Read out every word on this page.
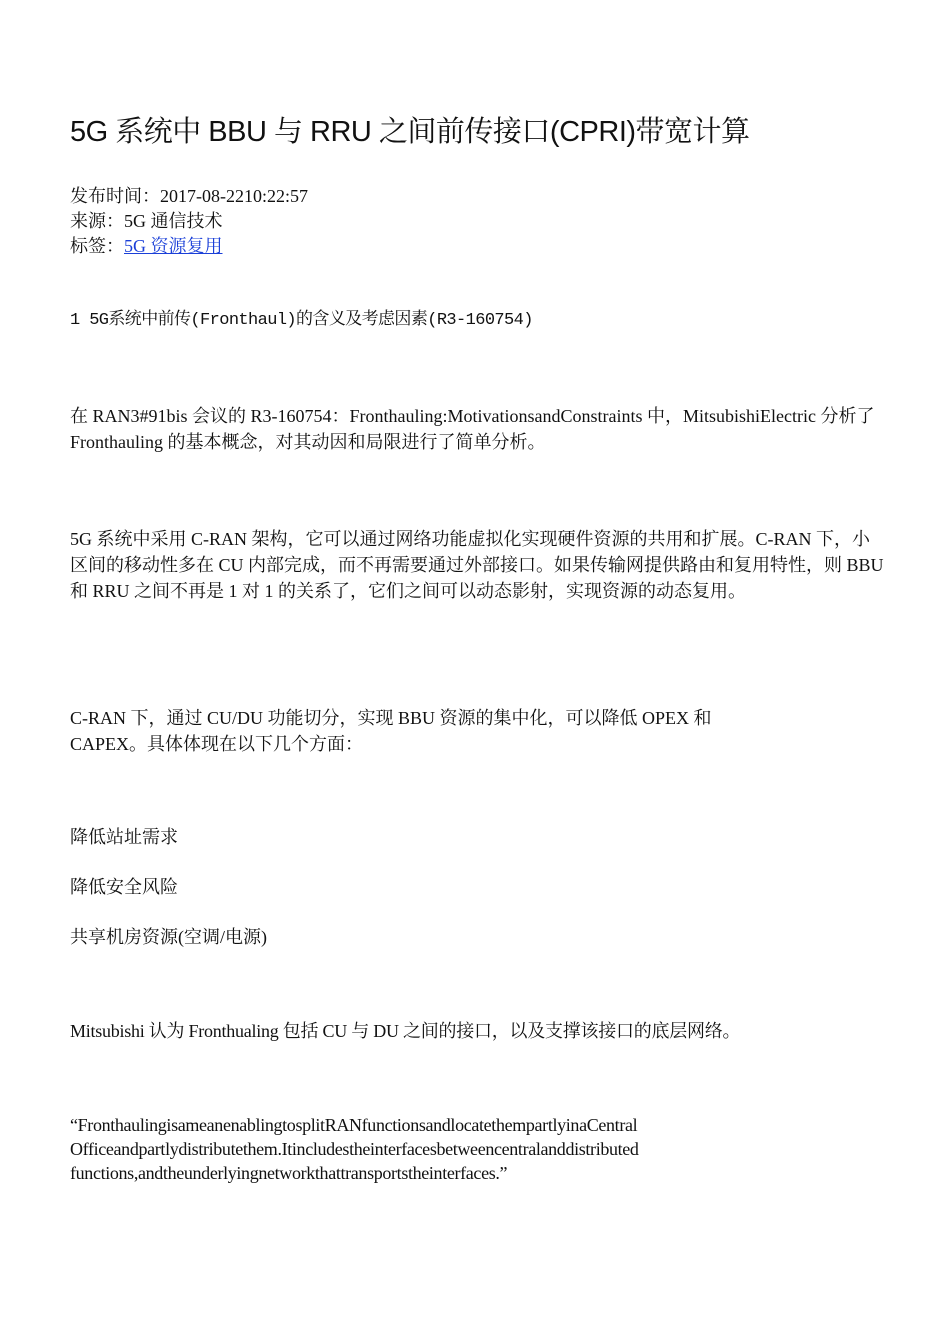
5G 系统中 BBU 与 RRU 之间前传接口(CPRI)带宽计算
发布时间：2017-08-2210:22:57
来源：5G 通信技术
标签：5G 资源复用
1 5G系统中前传(Fronthaul)的含义及考虑因素(R3-160754)

在 RAN3#91bis 会议的 R3-160754：Fronthauling:MotivationsandConstraints 中，MitsubishiElectric 分析了 Fronthauling 的基本概念，对其动因和局限进行了简单分析。

5G 系统中采用 C-RAN 架构，它可以通过网络功能虚拟化实现硬件资源的共用和扩展。C-RAN 下，小区间的移动性多在 CU 内部完成，而不再需要通过外部接口。如果传输网提供路由和复用特性，则 BBU 和 RRU 之间不再是 1 对 1 的关系了，它们之间可以动态影射，实现资源的动态复用。

C-RAN 下，通过 CU/DU 功能切分，实现 BBU 资源的集中化，可以降低 OPEX 和 CAPEX。具体体现在以下几个方面：

降低站址需求

降低安全风险

共享机房资源(空调/电源)

Mitsubishi 认为 Fronthualing 包括 CU 与 DU 之间的接口，以及支撑该接口的底层网络。

“FronthaulingisameanenablingtosplitRANfunctionsandlocatethempartlyinaCentral Officeandpartlydistributethem.Itincludestheinterfacesbetweencentralanddistributed functions,andtheunderlyingnetworkthattransportstheinterfaces.”
